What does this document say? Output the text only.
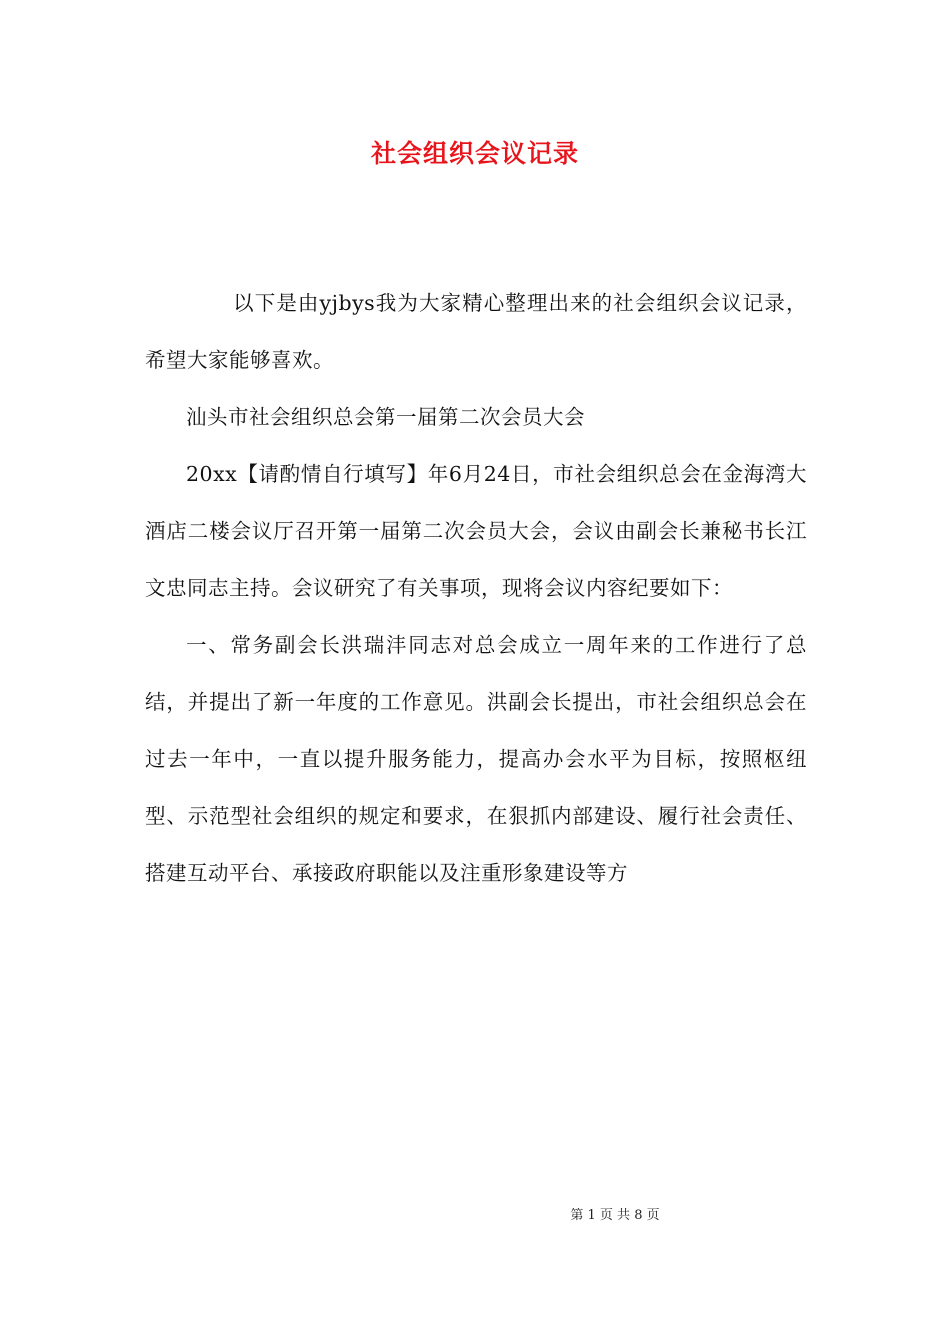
社会组织会议记录

以下是由yjbys我为大家精心整理出来的社会组织会议记录，希望大家能够喜欢。

汕头市社会组织总会第一届第二次会员大会

20xx【请酌情自行填写】年6月24日，市社会组织总会在金海湾大酒店二楼会议厅召开第一届第二次会员大会，会议由副会长兼秘书长江文忠同志主持。会议研究了有关事项，现将会议内容纪要如下：

一、常务副会长洪瑞沣同志对总会成立一周年来的工作进行了总结，并提出了新一年度的工作意见。洪副会长提出，市社会组织总会在过去一年中，一直以提升服务能力，提高办会水平为目标，按照枢纽型、示范型社会组织的规定和要求，在狠抓内部建设、履行社会责任、搭建互动平台、承接政府职能以及注重形象建设等方

第 1 页 共 8 页
